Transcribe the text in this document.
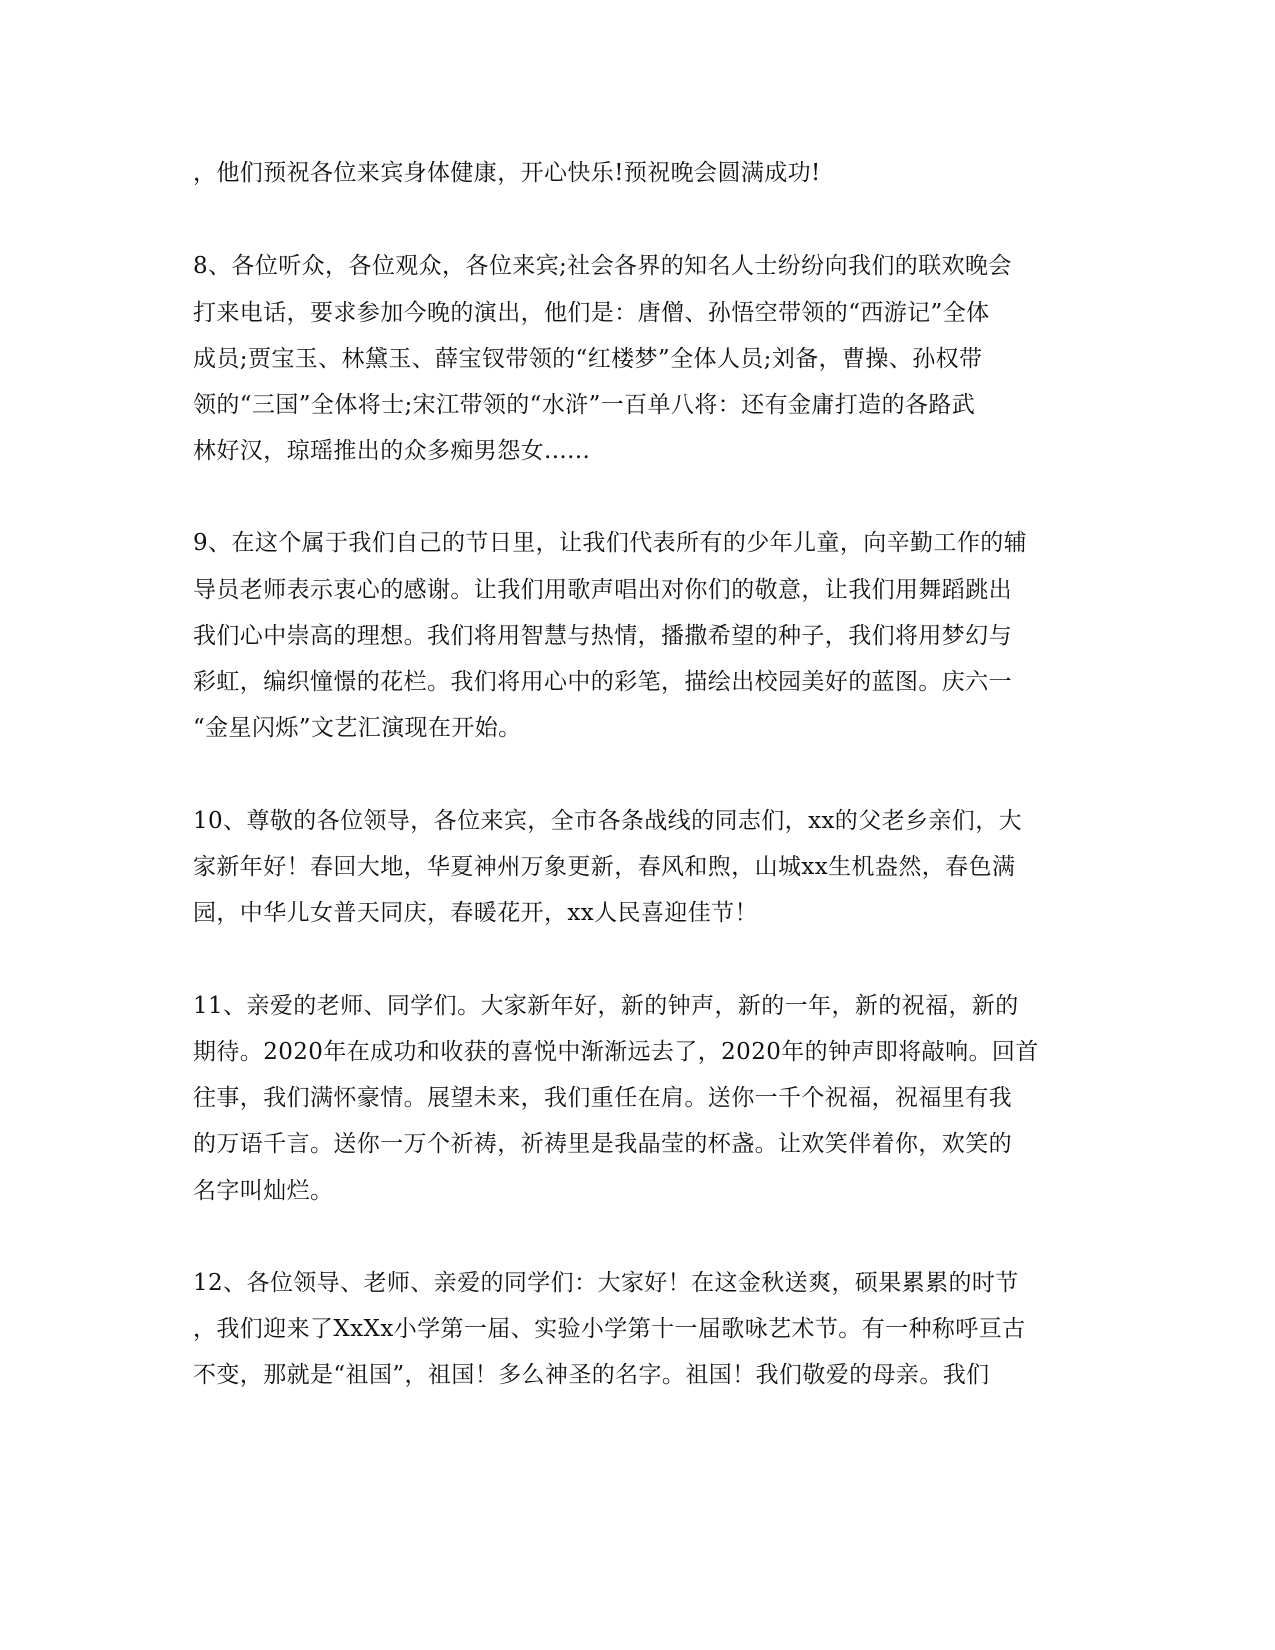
，他们预祝各位来宾身体健康，开心快乐!预祝晚会圆满成功!
8、各位听众，各位观众，各位来宾;社会各界的知名人士纷纷向我们的联欢晚会
打来电话，要求参加今晚的演出，他们是：唐僧、孙悟空带领的“西游记”全体
成员;贾宝玉、林黛玉、薛宝钗带领的“红楼梦”全体人员;刘备，曹操、孙权带
领的“三国”全体将士;宋江带领的“水浒”一百单八将：还有金庸打造的各路武
林好汉，琼瑶推出的众多痴男怨女......
9、在这个属于我们自己的节日里，让我们代表所有的少年儿童，向辛勤工作的辅
导员老师表示衷心的感谢。让我们用歌声唱出对你们的敬意，让我们用舞蹈跳出
我们心中崇高的理想。我们将用智慧与热情，播撒希望的种子，我们将用梦幻与
彩虹，编织憧憬的花栏。我们将用心中的彩笔，描绘出校园美好的蓝图。庆六一
“金星闪烁”文艺汇演现在开始。
10、尊敬的各位领导，各位来宾，全市各条战线的同志们，xx的父老乡亲们，大
家新年好！春回大地，华夏神州万象更新，春风和煦，山城xx生机盎然，春色满
园，中华儿女普天同庆，春暖花开，xx人民喜迎佳节！
11、亲爱的老师、同学们。大家新年好，新的钟声，新的一年，新的祝福，新的
期待。2020年在成功和收获的喜悦中渐渐远去了，2020年的钟声即将敲响。回首
往事，我们满怀豪情。展望未来，我们重任在肩。送你一千个祝福，祝福里有我
的万语千言。送你一万个祈祷，祈祷里是我晶莹的杯盏。让欢笑伴着你，欢笑的
名字叫灿烂。
12、各位领导、老师、亲爱的同学们：大家好！在这金秋送爽，硕果累累的时节
，我们迎来了XxXx小学第一届、实验小学第十一届歌咏艺术节。有一种称呼亘古
不变，那就是“祖国”，祖国！多么神圣的名字。祖国！我们敬爱的母亲。我们
